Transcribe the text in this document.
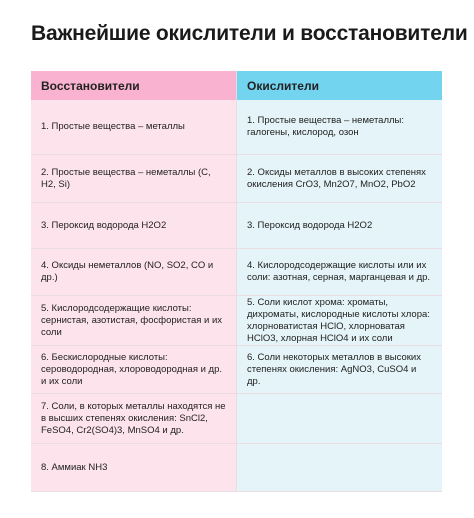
Важнейшие окислители и восстановители
Восстановители	Окислители
1. Простые вещества – металлы
1. Простые вещества – неметаллы: галогены, кислород, озон
2. Простые вещества – неметаллы (C, H2, Si)
2. Оксиды металлов в высоких степенях окисления CrO3, Mn2O7, MnO2, PbO2
3. Пероксид водорода H2O2	3. Пероксид водорода H2O2
4. Оксиды неметаллов (NO, SO2, CO и др.)
4. Кислородсодержащие кислоты или их соли: азотная, серная, марганцевая и др.
5. Кислородсодержащие кислоты: сернистая, азотистая, фосфористая и их соли
5. Соли кислот хрома: хроматы, дихроматы, кислородные кислоты хлора: хлорноватистая HClO, хлорноватая HClO3, хлорная HClO4 и их соли
6. Бескислородные кислоты: сероводородная, хлороводородная и др. и их соли
6. Соли некоторых металлов в высоких степенях окисления: AgNO3, CuSO4 и др.
7. Соли, в которых металлы находятся не в высших степенях окисления: SnCl2, FeSO4, Cr2(SO4)3, MnSO4 и др.
8. Аммиак NH3
